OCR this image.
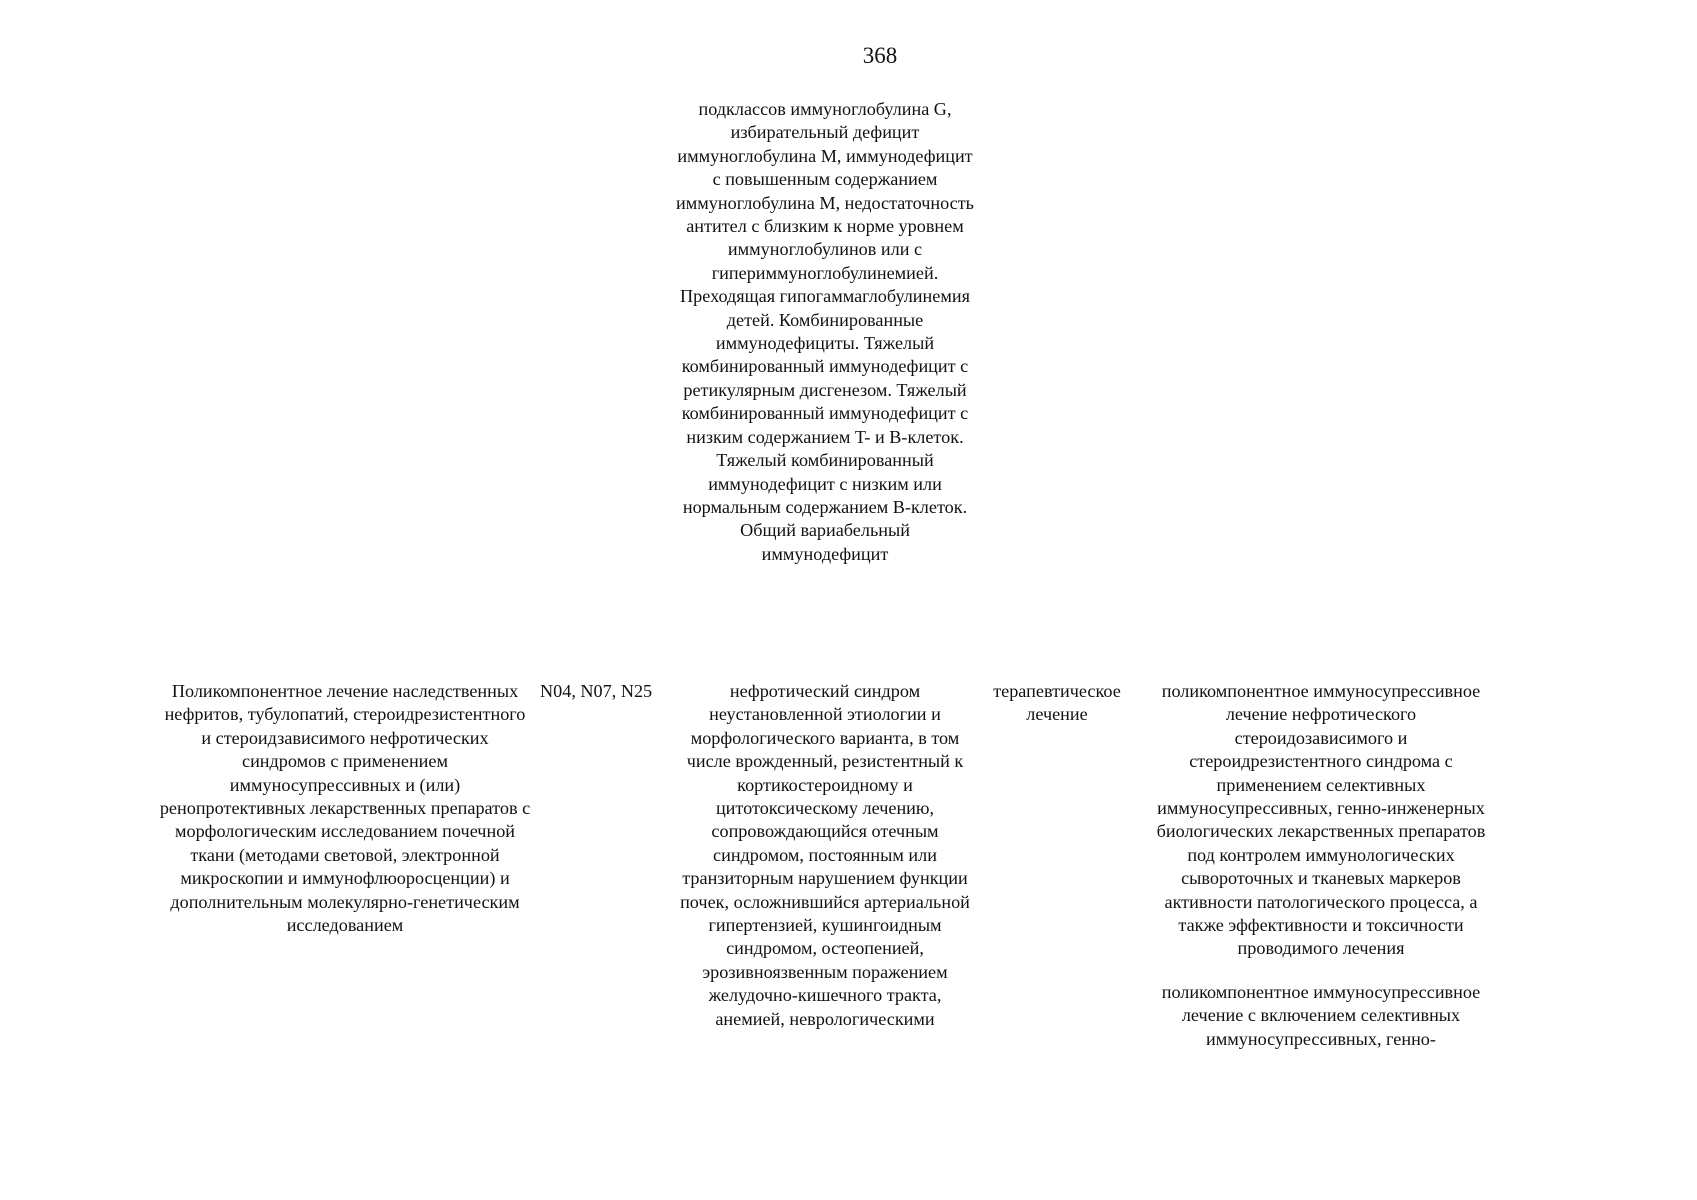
368

подклассов иммуноглобулина G, избирательный дефицит иммуноглобулина M, иммунодефицит с повышенным содержанием иммуноглобулина M, недостаточность антител с близким к норме уровнем иммуноглобулинов или с гипериммуноглобулинемией. Преходящая гипогаммаглобулинемия детей. Комбинированные иммунодефициты. Тяжелый комбинированный иммунодефицит с ретикулярным дисгенезом. Тяжелый комбинированный иммунодефицит с низким содержанием T- и B-клеток. Тяжелый комбинированный иммунодефицит с низким или нормальным содержанием B-клеток. Общий вариабельный иммунодефицит

Поликомпонентное лечение наследственных нефритов, тубулопатий, стероидрезистентного и стероидзависимого нефротических синдромов с применением иммуносупрессивных и (или) ренопротективных лекарственных препаратов с морфологическим исследованием почечной ткани (методами световой, электронной микроскопии и иммунофлюоросценции) и дополнительным молекулярно-генетическим исследованием

N04, N07, N25	нефротический синдром неустановленной этиологии и морфологического варианта, в том числе врожденный, резистентный к кортикостероидному и цитотоксическому лечению, сопровождающийся отечным синдромом, постоянным или транзиторным нарушением функции почек, осложнившийся артериальной гипертензией, кушингоидным синдромом, остеопенией, эрозивноязвенным поражением желудочно-кишечного тракта, анемией, неврологическими

терапевтическое лечение

поликомпонентное иммуносупрессивное лечение нефротического стероидозависимого и стероидрезистентного синдрома с применением селективных иммуносупрессивных, генно-инженерных биологических лекарственных препаратов под контролем иммунологических сывороточных и тканевых маркеров активности патологического процесса, а также эффективности и токсичности проводимого лечения
поликомпонентное иммуносупрессивное лечение с включением селективных иммуносупрессивных, генно-
